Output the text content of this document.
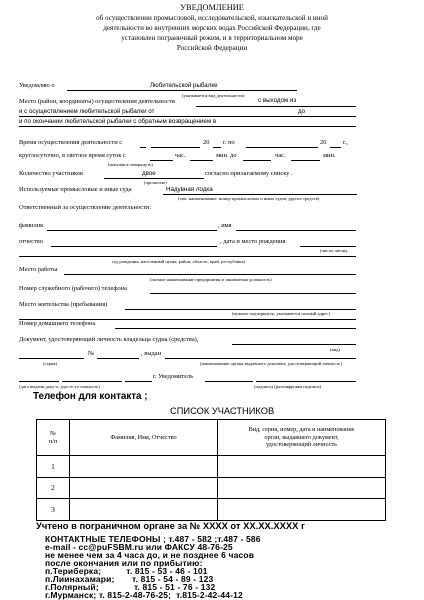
УВЕДОМЛЕНИЕ
об осуществлении промысловой, исследовательской, изыскательской и иной
деятельности во внутренних морских водах Российской Федерации, где
установлен пограничный режим, и в территориальном море
Российской Федерации
Уведомляю о	Любительской рыбалке
(указывается вид деятельности)
Место (район, координаты) осуществления деятельности	с выходом из
и с осуществлением любительской рыбалки от	до
и по окончании любительской рыбалки с обратным возвращением в
Время осуществления деятельности с	20 г. по	20	г.,
круглосуточно, в светлое время суток с	час.	мин. до	час.	мин.
(ненужное зачеркнуть)
Количество участников	двое	согласно прилагаемому списку .
(прописью)
Используемые промысловые и иные суда	Надувная лодка
(тип, наименование, номер промысловых и иных судов, других средств)
Ответственный за осуществление деятельности:
фамилия	, имя
отчество	, дата и место рождения
(число, месяц,
год рождения, населенный пункт, район, область, край, республика)
Место работы
(полное наименование предприятия и занимаемая должность)
Номер служебного (рабочего) телефона
Место жительства (пребывания)
(нужное подчеркнуть, указывается полный адрес)
Номер домашнего телефона
Документ, удостоверяющий личность владельца судна (средства),
(вид)
№	, выдан
(серия)	(наименование органа,выдавшего документ, удостоверяющий личность)
г. Уведомитель
(дата выдачи доку-а, удосто-го личность)	(подпись) (расшифровка подписи)
Телефон для контакта ;
СПИСОК УЧАСТНИКОВ
№
п/п	Фамилия, Имя, Отчество	Вид, серия, номер, дата и наименование
орган, выдавшего документ,
удостоверяющий личность
1		
2		
3		
Учтено в пограничном органе за № XXXX от XX.XX.XXXX г
КОНТАКТНЫЕ ТЕЛЕФОНЫ ; т.487 - 582 ;т.487 - 586
e-mail - cc@puFSBM.ru или ФАКСУ 48-76-25
не менее чем за 4 часа до, и не позднее 6 часов
после окончания или по прибытию:
п.Териберка;          т. 815 - 53 - 46 - 101
п.Лиинахамари;       т. 815 - 54 - 89 - 123
г.Полярный;              т. 815 - 51 - 76 - 132
г.Мурманск; т. 815-2-48-76-25;  т.815-2-42-44-12
